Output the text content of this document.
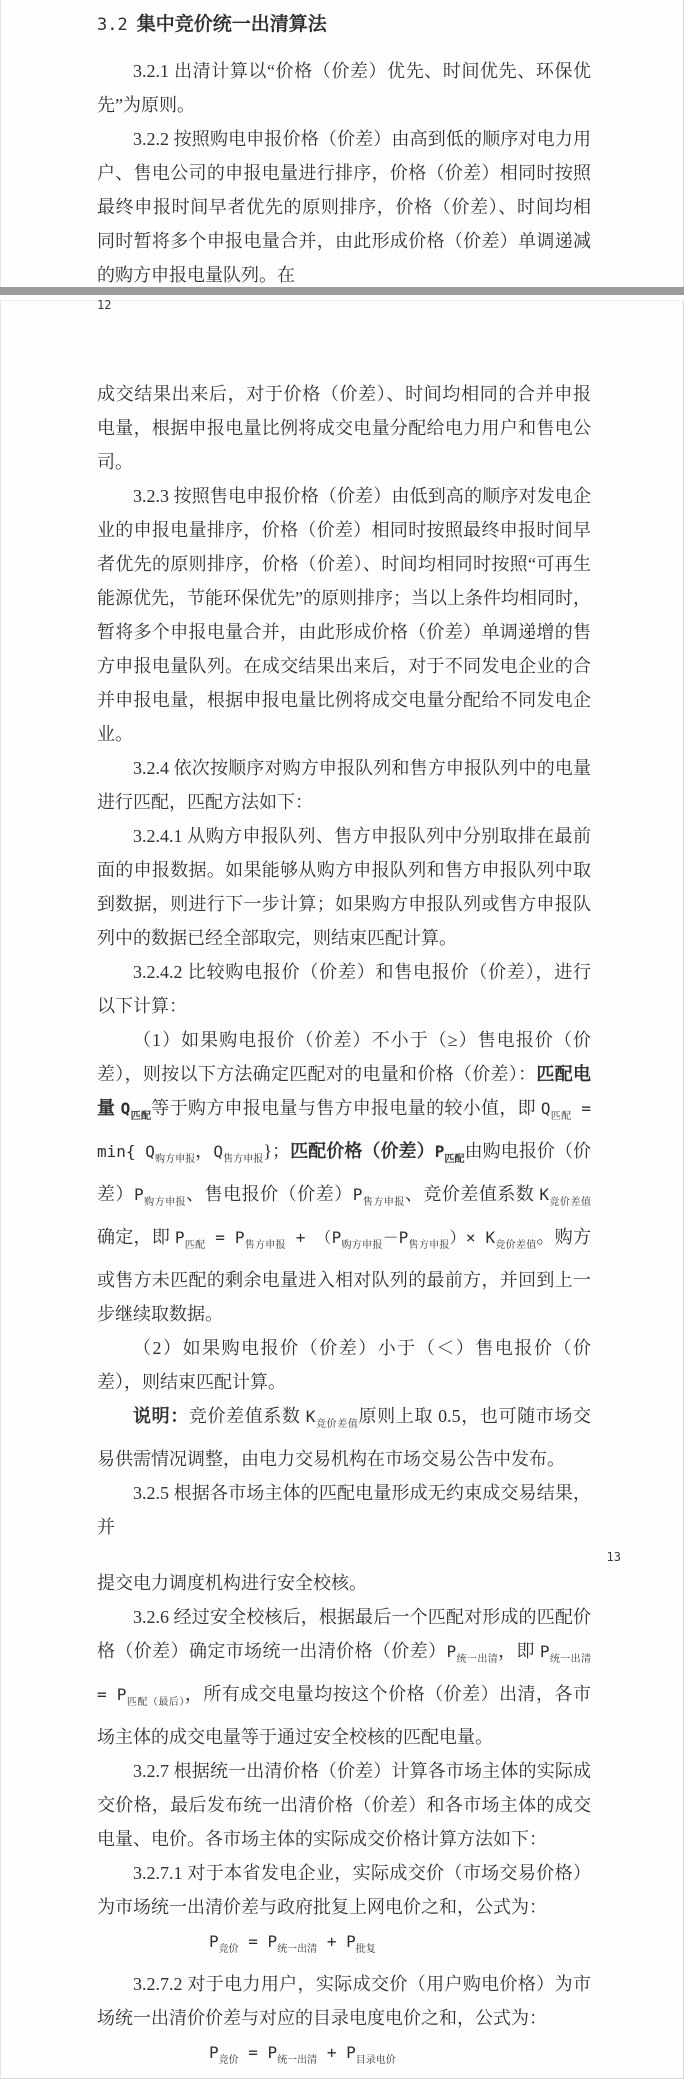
3.2 集中竞价统一出清算法

3.2.1 出清计算以“价格（价差）优先、时间优先、环保优先”为原则。

3.2.2 按照购电申报价格（价差）由高到低的顺序对电力用户、售电公司的申报电量进行排序，价格（价差）相同时按照最终申报时间早者优先的原则排序，价格（价差）、时间均相同时暂将多个申报电量合并，由此形成价格（价差）单调递减的购方申报电量队列。在

12

成交结果出来后，对于价格（价差）、时间均相同的合并申报电量，根据申报电量比例将成交电量分配给电力用户和售电公司。

3.2.3 按照售电申报价格（价差）由低到高的顺序对发电企业的申报电量排序，价格（价差）相同时按照最终申报时间早者优先的原则排序，价格（价差）、时间均相同时按照“可再生能源优先，节能环保优先”的原则排序；当以上条件均相同时，暂将多个申报电量合并，由此形成价格（价差）单调递增的售方申报电量队列。在成交结果出来后，对于不同发电企业的合并申报电量，根据申报电量比例将成交电量分配给不同发电企业。

3.2.4 依次按顺序对购方申报队列和售方申报队列中的电量进行匹配，匹配方法如下：

3.2.4.1 从购方申报队列、售方申报队列中分别取排在最前面的申报数据。如果能够从购方申报队列和售方申报队列中取到数据，则进行下一步计算；如果购方申报队列或售方申报队列中的数据已经全部取完，则结束匹配计算。

3.2.4.2 比较购电报价（价差）和售电报价（价差），进行以下计算：

（1）如果购电报价（价差）不小于（≥）售电报价（价差），则按以下方法确定匹配对的电量和价格（价差）：匹配电量 $Q_{匹配}$等于购方申报电量与售方申报电量的较小值，即 $Q_{匹配} = \min${ $Q_{购方申报}$，$Q_{售方申报}$}；匹配价格（价差）$P_{匹配}$由购电报价（价差）$P_{购方申报}$、售电报价（价差）$P_{售方申报}$、竞价差值系数 $K_{竞价差值}$确定，即 $P_{匹配} = P_{售方申报} + (P_{购方申报}-P_{售方申报})\times K_{竞价差值}$。购方或售方未匹配的剩余电量进入相对队列的最前方，并回到上一步继续取数据。

（2）如果购电报价（价差）小于（＜）售电报价（价差），则结束匹配计算。

说明：竞价差值系数 $K_{竞价差值}$原则上取 0.5，也可随市场交易供需情况调整，由电力交易机构在市场交易公告中发布。

3.2.5 根据各市场主体的匹配电量形成无约束成交易结果，并

13

提交电力调度机构进行安全校核。

3.2.6 经过安全校核后，根据最后一个匹配对形成的匹配价格（价差）确定市场统一出清价格（价差）$P_{统一出清}$，即 $P_{统一出清} = P_{匹配(最后)}$，所有成交电量均按这个价格（价差）出清，各市场主体的成交电量等于通过安全校核的匹配电量。

3.2.7 根据统一出清价格（价差）计算各市场主体的实际成交价格，最后发布统一出清价格（价差）和各市场主体的成交电量、电价。各市场主体的实际成交价格计算方法如下：

3.2.7.1 对于本省发电企业，实际成交价（市场交易价格）为市场统一出清价差与政府批复上网电价之和，公式为：

$P_{竞价} = P_{统一出清} + P_{批复}$

3.2.7.2 对于电力用户，实际成交价（用户购电价格）为市场统一出清价价差与对应的目录电度电价之和，公式为：

$P_{竞价} = P_{统一出清} + P_{目录电价}$
